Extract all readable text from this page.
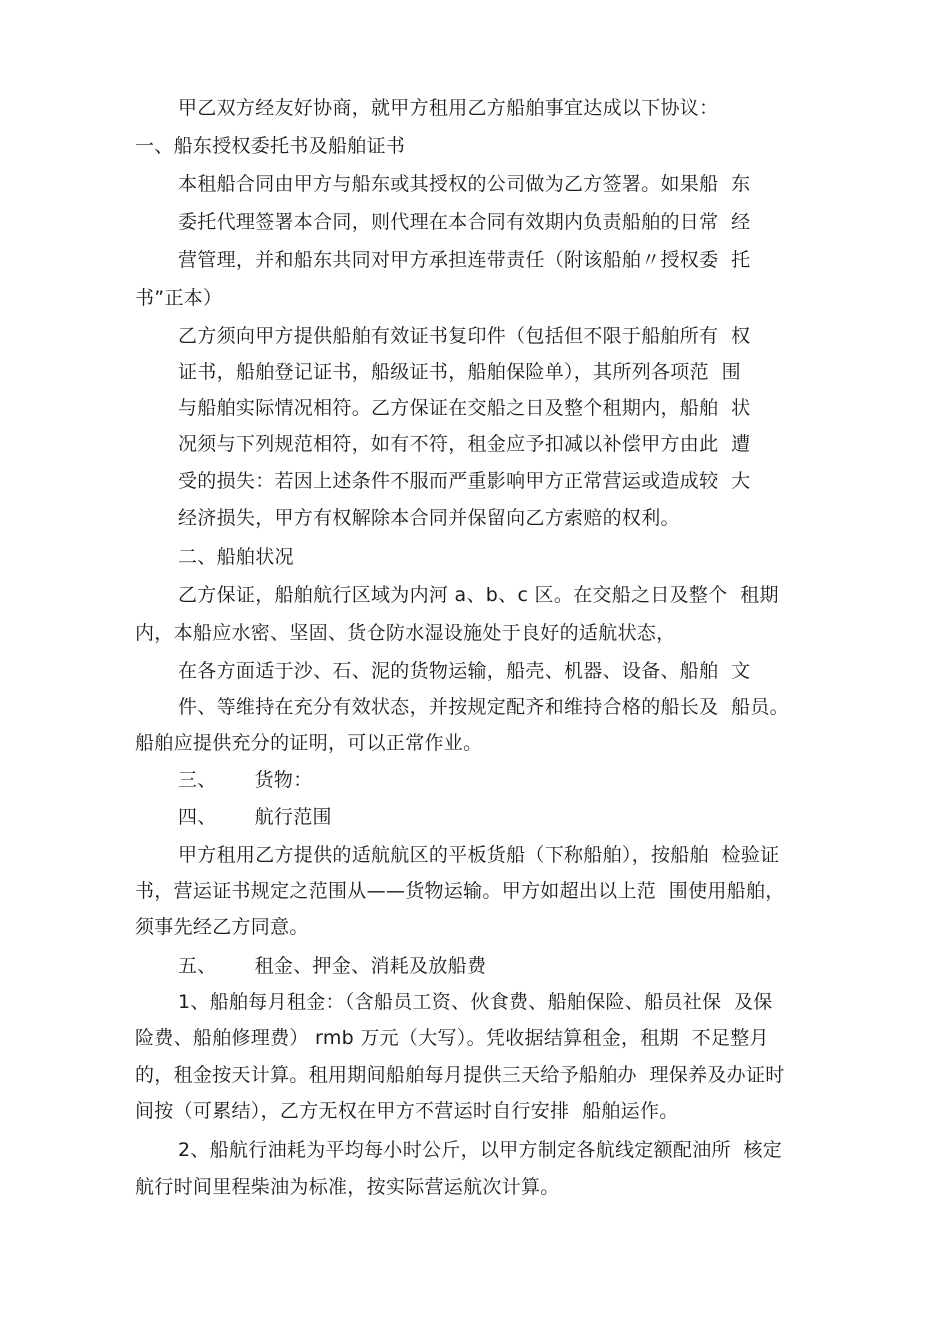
甲乙双方经友好协商，就甲方租用乙方船舶事宜达成以下协议：
一、船东授权委托书及船舶证书
本租船合同由甲方与船东或其授权的公司做为乙方签署。如果船  东
委托代理签署本合同，则代理在本合同有效期内负责船舶的日常  经
营管理，并和船东共同对甲方承担连带责任（附该船舶〃授权委  托
书”正本）
乙方须向甲方提供船舶有效证书复印件（包括但不限于船舶所有  权
证书，船舶登记证书，船级证书，船舶保险单），其所列各项范  围
与船舶实际情况相符。乙方保证在交船之日及整个租期内，船舶  状
况须与下列规范相符，如有不符，租金应予扣减以补偿甲方由此  遭
受的损失：若因上述条件不服而严重影响甲方正常营运或造成较  大
经济损失，甲方有权解除本合同并保留向乙方索赔的权利。
二、船舶状况
乙方保证，船舶航行区域为内河 a、b、c 区。在交船之日及整个  租期
内，本船应水密、坚固、货仓防水湿设施处于良好的适航状态，
在各方面适于沙、石、泥的货物运输，船壳、机器、设备、船舶  文
件、等维持在充分有效状态，并按规定配齐和维持合格的船长及  船员。
船舶应提供充分的证明，可以正常作业。
三、      货物：
四、      航行范围
甲方租用乙方提供的适航航区的平板货船（下称船舶），按船舶  检验证
书，营运证书规定之范围从——货物运输。甲方如超出以上范  围使用船舶，
须事先经乙方同意。
五、      租金、押金、消耗及放船费
1、船舶每月租金：（含船员工资、伙食费、船舶保险、船员社保  及保
险费、船舶修理费） rmb 万元（大写）。凭收据结算租金，租期  不足整月
的，租金按天计算。租用期间船舶每月提供三天给予船舶办  理保养及办证时
间按（可累结），乙方无权在甲方不营运时自行安排  船舶运作。
2、船航行油耗为平均每小时公斤，以甲方制定各航线定额配油所  核定
航行时间里程柴油为标准，按实际营运航次计算。
